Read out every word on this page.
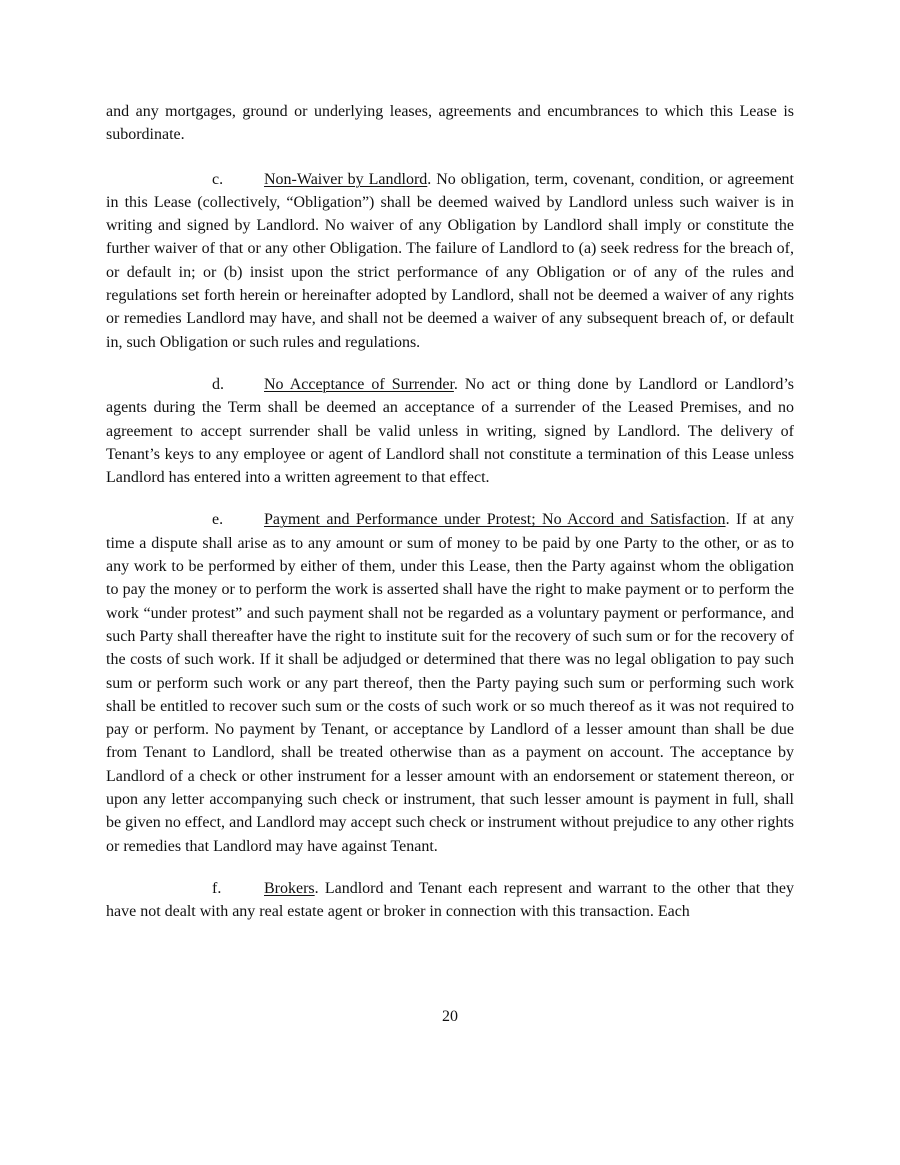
and any mortgages, ground or underlying leases, agreements and encumbrances to which this Lease is subordinate.

c.	Non-Waiver by Landlord. No obligation, term, covenant, condition, or agreement in this Lease (collectively, “Obligation”) shall be deemed waived by Landlord unless such waiver is in writing and signed by Landlord. No waiver of any Obligation by Landlord shall imply or constitute the further waiver of that or any other Obligation. The failure of Landlord to (a) seek redress for the breach of, or default in; or (b) insist upon the strict performance of any Obligation or of any of the rules and regulations set forth herein or hereinafter adopted by Landlord, shall not be deemed a waiver of any rights or remedies Landlord may have, and shall not be deemed a waiver of any subsequent breach of, or default in, such Obligation or such rules and regulations.

d.	No Acceptance of Surrender. No act or thing done by Landlord or Landlord’s agents during the Term shall be deemed an acceptance of a surrender of the Leased Premises, and no agreement to accept surrender shall be valid unless in writing, signed by Landlord. The delivery of Tenant’s keys to any employee or agent of Landlord shall not constitute a termination of this Lease unless Landlord has entered into a written agreement to that effect.

e.	Payment and Performance under Protest; No Accord and Satisfaction. If at any time a dispute shall arise as to any amount or sum of money to be paid by one Party to the other, or as to any work to be performed by either of them, under this Lease, then the Party against whom the obligation to pay the money or to perform the work is asserted shall have the right to make payment or to perform the work “under protest” and such payment shall not be regarded as a voluntary payment or performance, and such Party shall thereafter have the right to institute suit for the recovery of such sum or for the recovery of the costs of such work. If it shall be adjudged or determined that there was no legal obligation to pay such sum or perform such work or any part thereof, then the Party paying such sum or performing such work shall be entitled to recover such sum or the costs of such work or so much thereof as it was not required to pay or perform. No payment by Tenant, or acceptance by Landlord of a lesser amount than shall be due from Tenant to Landlord, shall be treated otherwise than as a payment on account. The acceptance by Landlord of a check or other instrument for a lesser amount with an endorsement or statement thereon, or upon any letter accompanying such check or instrument, that such lesser amount is payment in full, shall be given no effect, and Landlord may accept such check or instrument without prejudice to any other rights or remedies that Landlord may have against Tenant.

f.	Brokers. Landlord and Tenant each represent and warrant to the other that they have not dealt with any real estate agent or broker in connection with this transaction. Each

20
